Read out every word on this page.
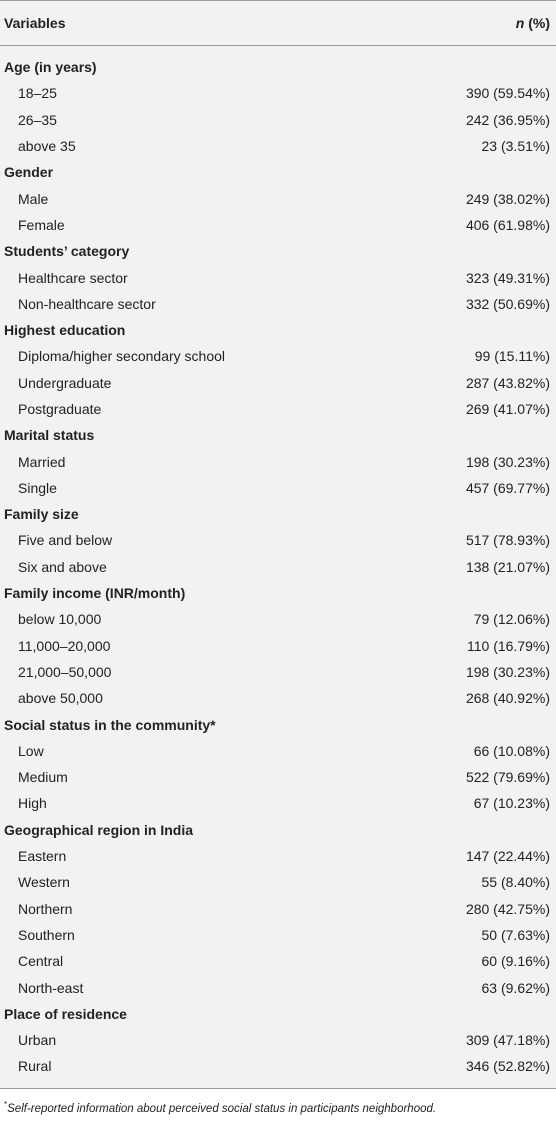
Variables	n (%)
Age (in years)
18–25	390 (59.54%)
26–35	242 (36.95%)
above 35	23 (3.51%)
Gender
Male	249 (38.02%)
Female	406 (61.98%)
Students’ category
Healthcare sector	323 (49.31%)
Non-healthcare sector	332 (50.69%)
Highest education
Diploma/higher secondary school	99 (15.11%)
Undergraduate	287 (43.82%)
Postgraduate	269 (41.07%)
Marital status
Married	198 (30.23%)
Single	457 (69.77%)
Family size
Five and below	517 (78.93%)
Six and above	138 (21.07%)
Family income (INR/month)
below 10,000	79 (12.06%)
11,000–20,000	110 (16.79%)
21,000–50,000	198 (30.23%)
above 50,000	268 (40.92%)
Social status in the community*
Low	66 (10.08%)
Medium	522 (79.69%)
High	67 (10.23%)
Geographical region in India
Eastern	147 (22.44%)
Western	55 (8.40%)
Northern	280 (42.75%)
Southern	50 (7.63%)
Central	60 (9.16%)
North-east	63 (9.62%)
Place of residence
Urban	309 (47.18%)
Rural	346 (52.82%)
*Self-reported information about perceived social status in participants neighborhood.
